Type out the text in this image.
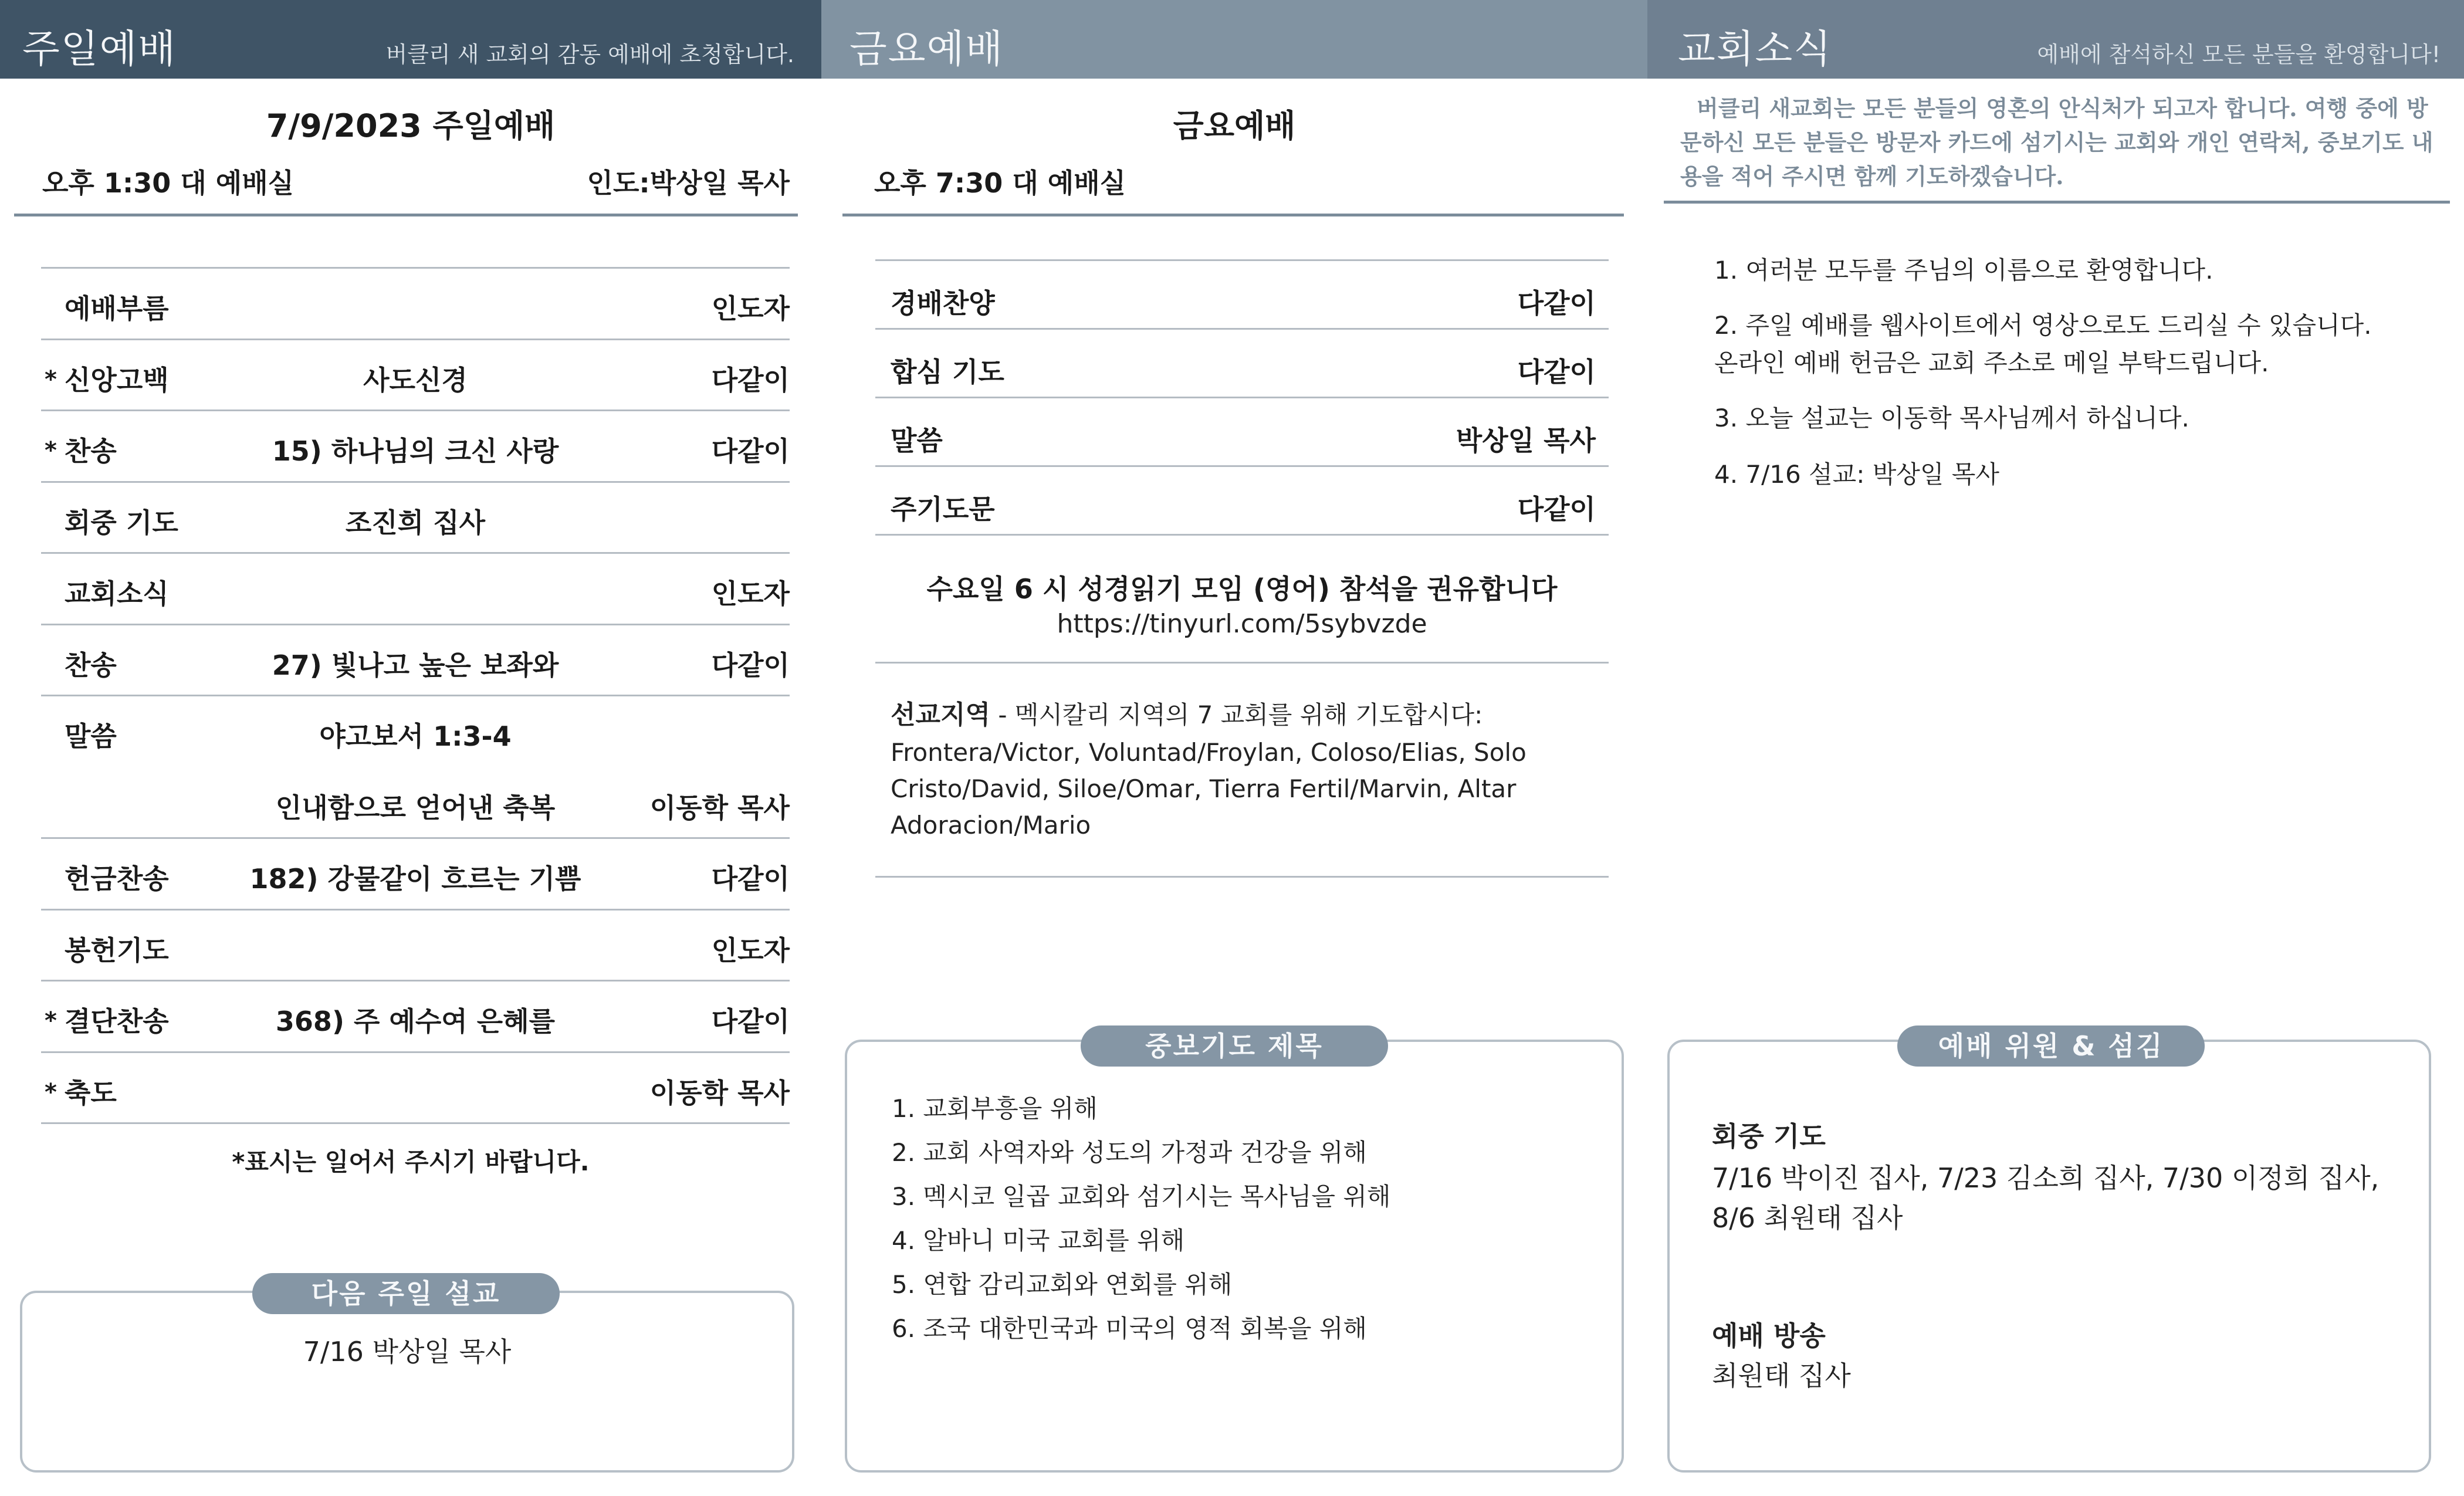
주일예배	버클리 새 교회의 감동 예배에 초청합니다.
7/9/2023 주일예배
오후 1:30 대 예배실	인도:박상일 목사
예배부름	인도자
* 신앙고백	사도신경	다같이
* 찬송	15) 하나님의 크신 사랑	다같이
회중 기도	조진희 집사
교회소식	인도자
찬송	27) 빛나고 높은 보좌와	다같이
말씀	야고보서 1:3-4
인내함으로 얻어낸 축복	이동학 목사
헌금찬송	182) 강물같이 흐르는 기쁨	다같이
봉헌기도	인도자
* 결단찬송	368) 주 예수여 은혜를	다같이
* 축도	이동학 목사
*표시는 일어서 주시기 바랍니다.
7/16 박상일 목사
다음 주일 설교
금요예배
금요예배
오후 7:30 대 예배실
경배찬양	다같이
합심 기도	다같이
말씀	박상일 목사
주기도문	다같이
수요일 6 시 성경읽기 모임 (영어) 참석을 권유합니다
https://tinyurl.com/5sybvzde
선교지역 - 멕시칼리 지역의 7 교회를 위해 기도합시다:
Frontera/Victor, Voluntad/Froylan, Coloso/Elias, Solo Cristo/David, Siloe/Omar, Tierra Fertil/Marvin, Altar Adoracion/Mario
1. 교회부흥을 위해
2. 교회 사역자와 성도의 가정과 건강을 위해
3. 멕시코 일곱 교회와 섬기시는 목사님을 위해
4. 알바니 미국 교회를 위해
5. 연합 감리교회와 연회를 위해
6. 조국 대한민국과 미국의 영적 회복을 위해
중보기도 제목
교회소식	예배에 참석하신 모든 분들을 환영합니다!
버클리 새교회는 모든 분들의 영혼의 안식처가 되고자 합니다. 여행 중에 방문하신 모든 분들은 방문자 카드에 섬기시는 교회와 개인 연락처, 중보기도 내용을 적어 주시면 함께 기도하겠습니다.
1. 여러분 모두를 주님의 이름으로 환영합니다.
2. 주일 예배를 웹사이트에서 영상으로도 드리실 수 있습니다.
온라인 예배 헌금은 교회 주소로 메일 부탁드립니다.
3. 오늘 설교는 이동학 목사님께서 하십니다.
4. 7/16 설교: 박상일 목사
회중 기도
7/16 박이진 집사, 7/23 김소희 집사, 7/30 이정희 집사, 8/6 최원태 집사
예배 방송
최원태 집사
예배 위원 & 섬김
